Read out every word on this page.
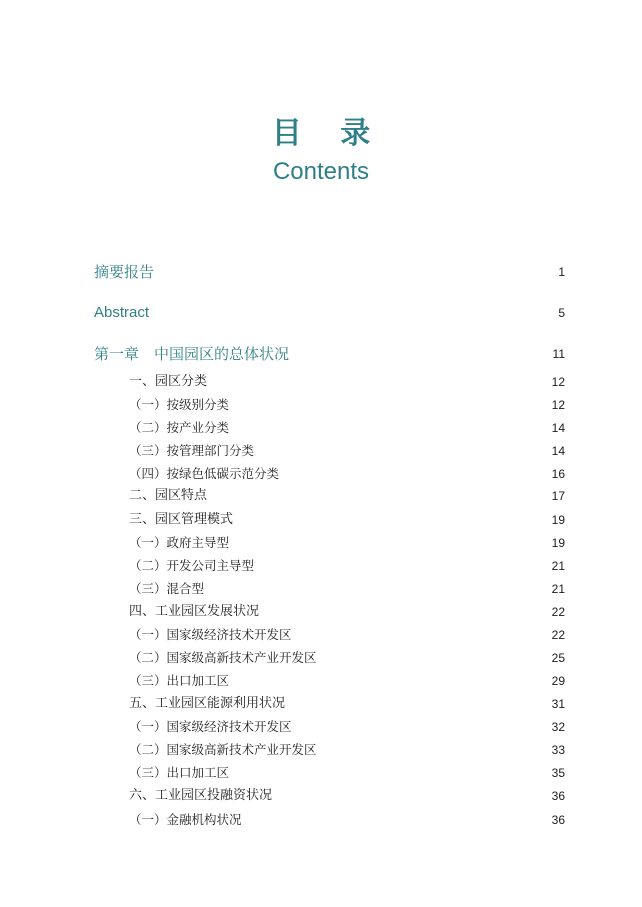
目 录
Contents
摘要报告	1
Abstract	5
第一章　中国园区的总体状况	11
一、园区分类	12
（一）按级别分类	12
（二）按产业分类	14
（三）按管理部门分类	14
（四）按绿色低碳示范分类	16
二、园区特点	17
三、园区管理模式	19
（一）政府主导型	19
（二）开发公司主导型	21
（三）混合型	21
四、工业园区发展状况	22
（一）国家级经济技术开发区	22
（二）国家级高新技术产业开发区	25
（三）出口加工区	29
五、工业园区能源利用状况	31
（一）国家级经济技术开发区	32
（二）国家级高新技术产业开发区	33
（三）出口加工区	35
六、工业园区投融资状况	36
（一）金融机构状况	36
